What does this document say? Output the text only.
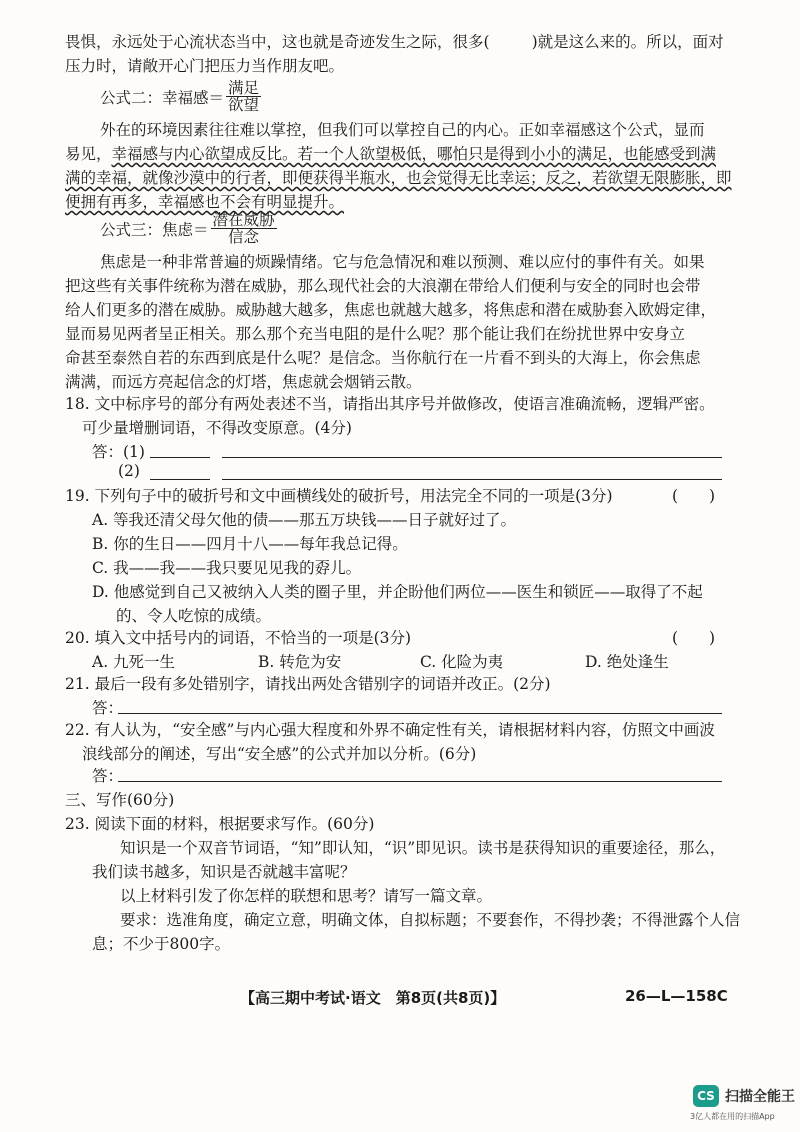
畏惧，永远处于心流状态当中，这也就是奇迹发生之际，很多(	)就是这么来的。所以，面对
压力时，请敞开心门把压力当作朋友吧。
公式二：幸福感＝ $\frac{\text{满足}}{\text{欲望}}$
外在的环境因素往往难以掌控，但我们可以掌控自己的内心。正如幸福感这个公式，显而
易见，幸福感与内心欲望成反比。若一个人欲望极低，哪怕只是得到小小的满足，也能感受到满
满的幸福，就像沙漠中的行者，即便获得半瓶水，也会觉得无比幸运；反之，若欲望无限膨胀，即
便拥有再多，幸福感也不会有明显提升。
公式三：焦虑＝ $\frac{\text{潜在威胁}}{\text{信念}}$
焦虑是一种非常普遍的烦躁情绪。它与危急情况和难以预测、难以应付的事件有关。如果
把这些有关事件统称为潜在威胁，那么现代社会的大浪潮在带给人们便利与安全的同时也会带
给人们更多的潜在威胁。威胁越大越多，焦虑也就越大越多，将焦虑和潜在威胁套入欧姆定律，
显而易见两者呈正相关。那么那个充当电阻的是什么呢？那个能让我们在纷扰世界中安身立
命甚至泰然自若的东西到底是什么呢？是信念。当你航行在一片看不到头的大海上，你会焦虑
满满，而远方亮起信念的灯塔，焦虑就会烟销云散。
18. 文中标序号的部分有两处表述不当，请指出其序号并做修改，使语言准确流畅，逻辑严密。
可少量增删词语，不得改变原意。(4分)
答：(1)
(2)
19. 下列句子中的破折号和文中画横线处的破折号，用法完全不同的一项是(3分)	(　　)
A. 等我还清父母欠他的债——那五万块钱——日子就好过了。
B. 你的生日——四月十八——每年我总记得。
C. 我——我——我只要见见我的孬儿。
D. 他感觉到自己又被纳入人类的圈子里，并企盼他们两位——医生和锁匠——取得了不起
的、令人吃惊的成绩。
20. 填入文中括号内的词语，不恰当的一项是(3分)	(　　)
A. 九死一生	B. 转危为安	C. 化险为夷	D. 绝处逢生
21. 最后一段有多处错别字，请找出两处含错别字的词语并改正。(2分)
答：
22. 有人认为，“安全感”与内心强大程度和外界不确定性有关，请根据材料内容，仿照文中画波
浪线部分的阐述，写出“安全感”的公式并加以分析。(6分)
答：
三、写作(60分)
23. 阅读下面的材料，根据要求写作。(60分)
知识是一个双音节词语，“知”即认知，“识”即见识。读书是获得知识的重要途径，那么，
我们读书越多，知识是否就越丰富呢？
以上材料引发了你怎样的联想和思考？请写一篇文章。
要求：选准角度，确定立意，明确文体，自拟标题；不要套作，不得抄袭；不得泄露个人信
息；不少于800字。
【高三期中考试·语文　第8页(共8页)】	26—L—158C
CS 扫描全能王
3亿人都在用的扫描App
